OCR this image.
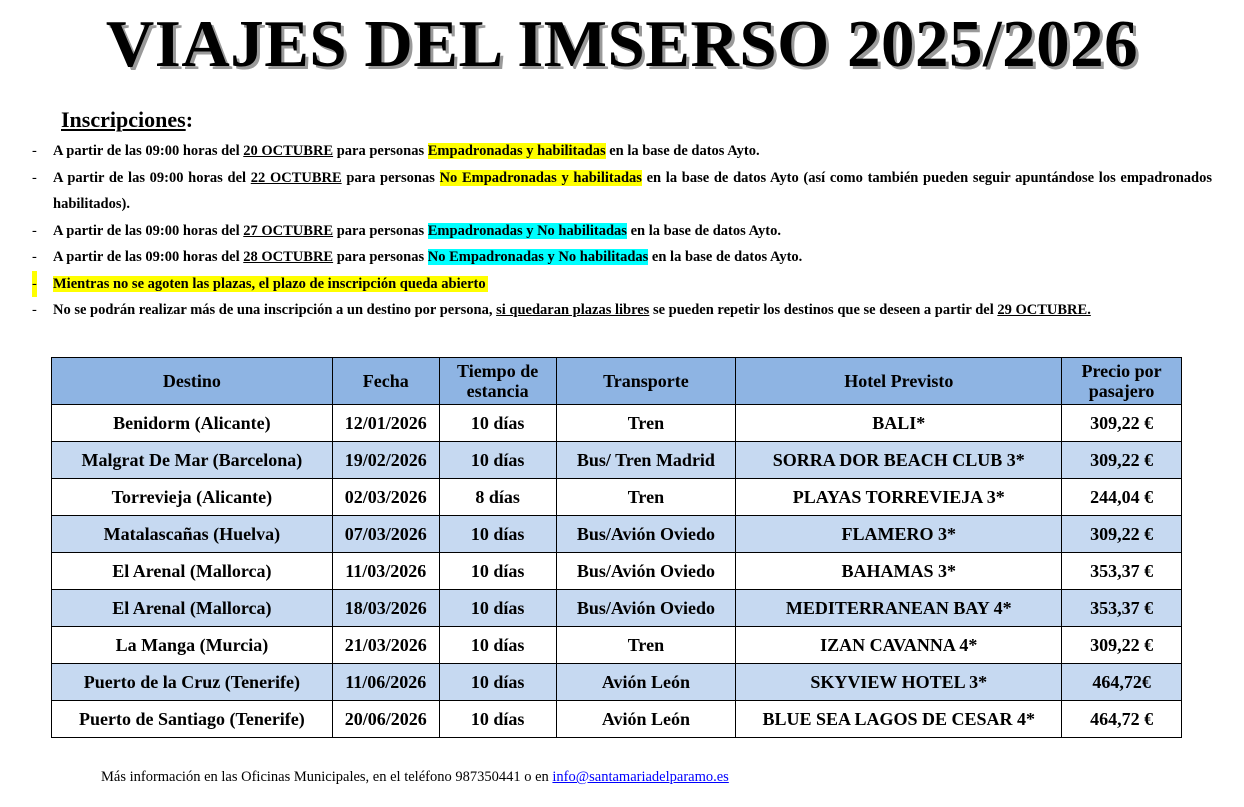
VIAJES DEL IMSERSO 2025/2026
Inscripciones:
- A partir de las 09:00 horas del 20 OCTUBRE para personas Empadronadas y habilitadas en la base de datos Ayto.
- A partir de las 09:00 horas del 22 OCTUBRE para personas No Empadronadas y habilitadas en la base de datos Ayto (así como también pueden seguir apuntándose los empadronados habilitados).
- A partir de las 09:00 horas del 27 OCTUBRE para personas Empadronadas y No habilitadas en la base de datos Ayto.
- A partir de las 09:00 horas del 28 OCTUBRE para personas No Empadronadas y No habilitadas en la base de datos Ayto.
- Mientras no se agoten las plazas, el plazo de inscripción queda abierto
- No se podrán realizar más de una inscripción a un destino por persona, si quedaran plazas libres se pueden repetir los destinos que se deseen a partir del 29 OCTUBRE.
Destino	Fecha	Tiempo de estancia	Transporte	Hotel Previsto	Precio por pasajero
Benidorm (Alicante)	12/01/2026	10 días	Tren	BALI*	309,22 €
Malgrat De Mar (Barcelona)	19/02/2026	10 días	Bus/ Tren Madrid	SORRA DOR BEACH CLUB 3*	309,22 €
Torrevieja (Alicante)	02/03/2026	8 días	Tren	PLAYAS TORREVIEJA 3*	244,04 €
Matalascañas (Huelva)	07/03/2026	10 días	Bus/Avión Oviedo	FLAMERO 3*	309,22 €
El Arenal (Mallorca)	11/03/2026	10 días	Bus/Avión Oviedo	BAHAMAS 3*	353,37 €
El Arenal (Mallorca)	18/03/2026	10 días	Bus/Avión Oviedo	MEDITERRANEAN BAY 4*	353,37 €
La Manga (Murcia)	21/03/2026	10 días	Tren	IZAN CAVANNA 4*	309,22 €
Puerto de la Cruz (Tenerife)	11/06/2026	10 días	Avión León	SKYVIEW HOTEL 3*	464,72€
Puerto de Santiago (Tenerife)	20/06/2026	10 días	Avión León	BLUE SEA LAGOS DE CESAR 4*	464,72 €
Más información en las Oficinas Municipales, en el teléfono 987350441 o en info@santamariadelparamo.es
